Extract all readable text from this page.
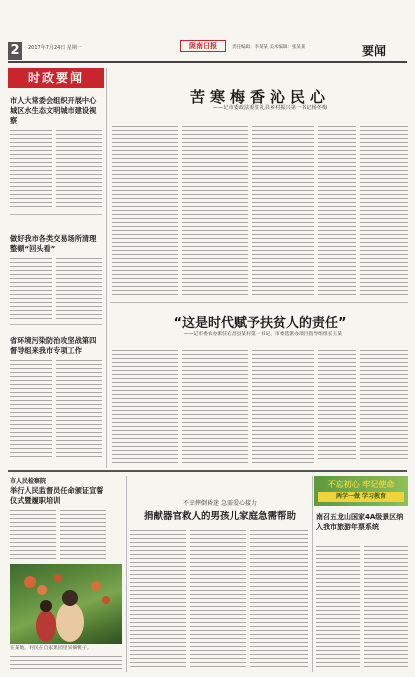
2	2017年7月24日 星期一	陇南日报	责任编辑：李某某 美术编辑：张某某	要闻
时政要闻
市人大常委会组织开展中心城区水生态文明城市建设视察
做好我市各类交易场所清理整顿“回头看”
省环境污染防治攻坚战第四督导组来我市专项工作
苦寒梅香沁民心
——记市委政法委驻礼县乡村振兴第一书记杨冬梅
“这是时代赋予扶贫人的责任”
——记市委农办派驻宕昌县某村第一书记、市委选派办项目指导组组长王某
市人民检察院
举行人民监督员任命颁证宣誓仪式暨履职培训
在某地，村民在自家果园里采摘桃子。
不幸摔倒昏迷 急需爱心接力
捐献器官救人的男孩儿家庭急需帮助
不忘初心 牢记使命
两学一做 学习教育
南召五龙山国家4A级景区纳入我市旅游年票系统
